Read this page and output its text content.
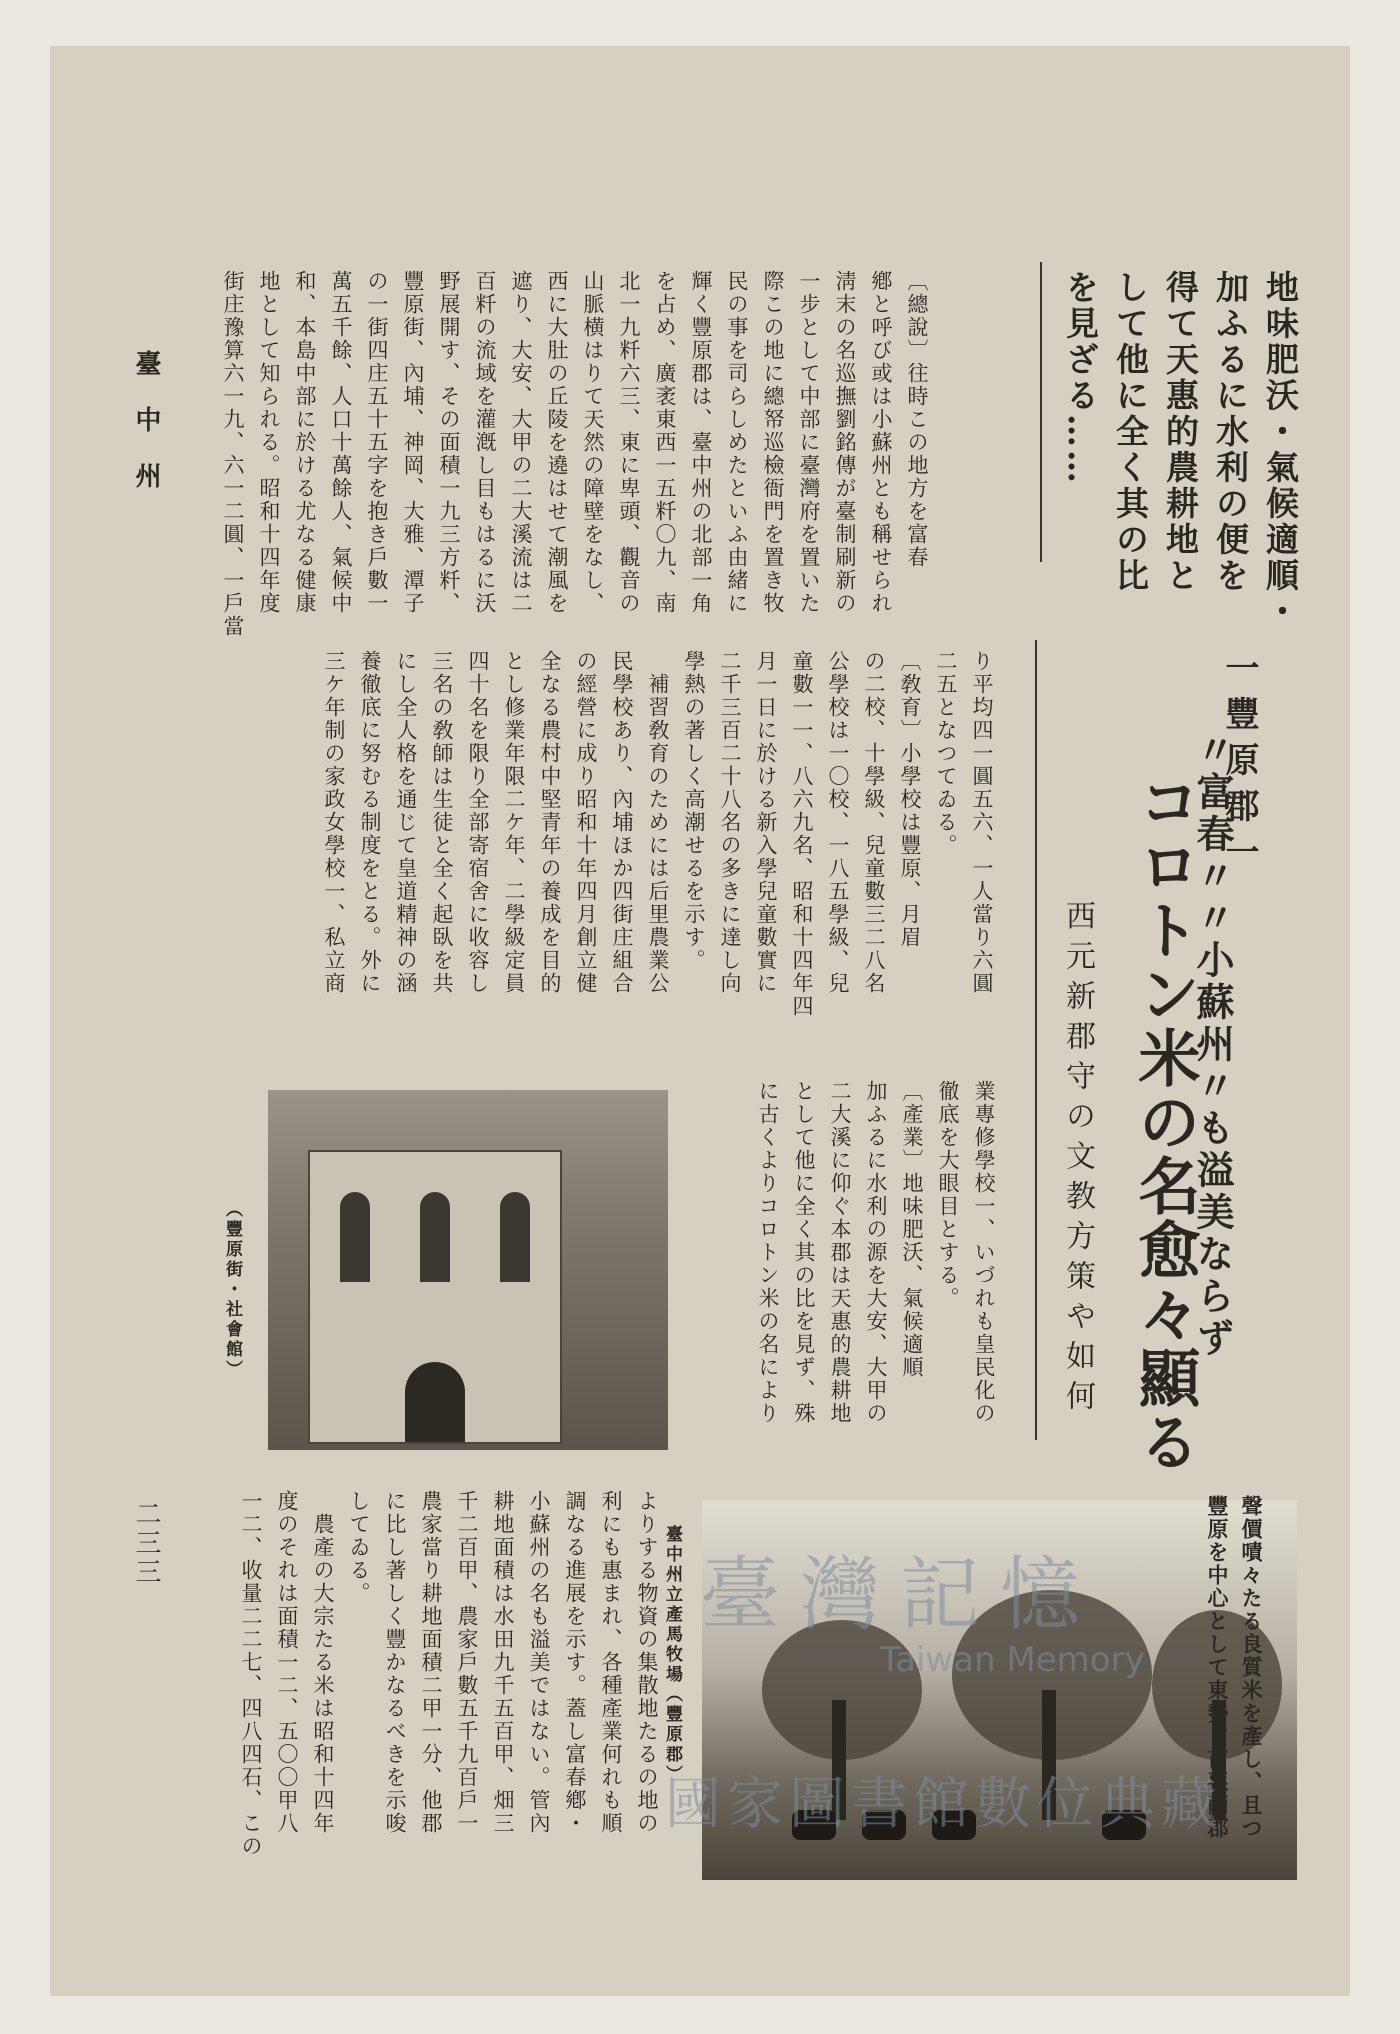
臺中州
二三三
地味肥沃・氣候適順・
加ふるに水利の便を
得て天惠的農耕地と
して他に全く其の比
を見ざる……
一豐原郡一
〃富春〃〃小蘇州〃も溢美ならず
コロトン米の名愈々顯る
西元新郡守の文教方策や如何
〔總說〕往時この地方を富春
鄕と呼び或は小蘇州とも稱せられ
淸末の名巡撫劉銘傳が臺制刷新の
一步として中部に臺灣府を置いた
際この地に總帑巡檢衙門を置き牧
民の事を司らしめたといふ由緒に
輝く豐原郡は、臺中州の北部一角
を占め、廣袤東西一五粁〇九、南
北一九粁六三、東に卑頭、觀音の
山脈横はりて天然の障壁をなし、
西に大肚の丘陵を遶はせて潮風を
遮り、大安、大甲の二大溪流は二
百粁の流域を灌漑し目もはるに沃
野展開す、その面積一九三方粁、
豐原街、內埔、神岡、大雅、潭子
の一街四庄五十五字を抱き戶數一
萬五千餘、人口十萬餘人、氣候中
和、本島中部に於ける尤なる健康
地として知られる。昭和十四年度
街庄豫算六一九、六一二圓、一戶當
り平均四一圓五六、一人當り六圓
二五となつてゐる。
〔敎育〕小學校は豐原、月眉
の二校、十學級、兒童數三二八名
公學校は一〇校、一八五學級、兒
童數一一、八六九名、昭和十四年四
月一日に於ける新入學兒童數實に
二千三百二十八名の多きに達し向
學熱の著しく高潮せるを示す。
　補習敎育のためには后里農業公
民學校あり、內埔ほか四街庄組合
の經營に成り昭和十年四月創立健
全なる農村中堅青年の養成を目的
とし修業年限二ケ年、二學級定員
四十名を限り全部寄宿舍に收容し
三名の敎師は生徒と全く起臥を共
にし全人格を通じて皇道精神の涵
養徹底に努むる制度をとる。外に
三ケ年制の家政女學校一、私立商
業專修學校一、いづれも皇民化の
徹底を大眼目とする。
〔產業〕地味肥沃、氣候適順
加ふるに水利の源を大安、大甲の
二大溪に仰ぐ本郡は天惠的農耕地
として他に全く其の比を見ず、殊
に古くよりコロトン米の名により
よりする物資の集散地たるの地の
利にも惠まれ、各種產業何れも順
調なる進展を示す。蓋し富春鄕・
小蘇州の名も溢美ではない。管內
耕地面積は水田九千五百甲、畑三
千二百甲、農家戶數五千九百戶一
農家當り耕地面積二甲一分、他郡
に比し著しく豐かなるべきを示唆
してゐる。
　農產の大宗たる米は昭和十四年
度のそれは面積一二、五〇〇甲八
一二、收量二二七、四八四石、この
（豐原街・社會館）
臺中州立產馬牧場（豐原郡）	聲價嘖々たる良質米を產し、且つ
豐原を中心として東勢、苗栗兩郡
臺灣記憶
Taiwan Memory
國家圖書館數位典藏
